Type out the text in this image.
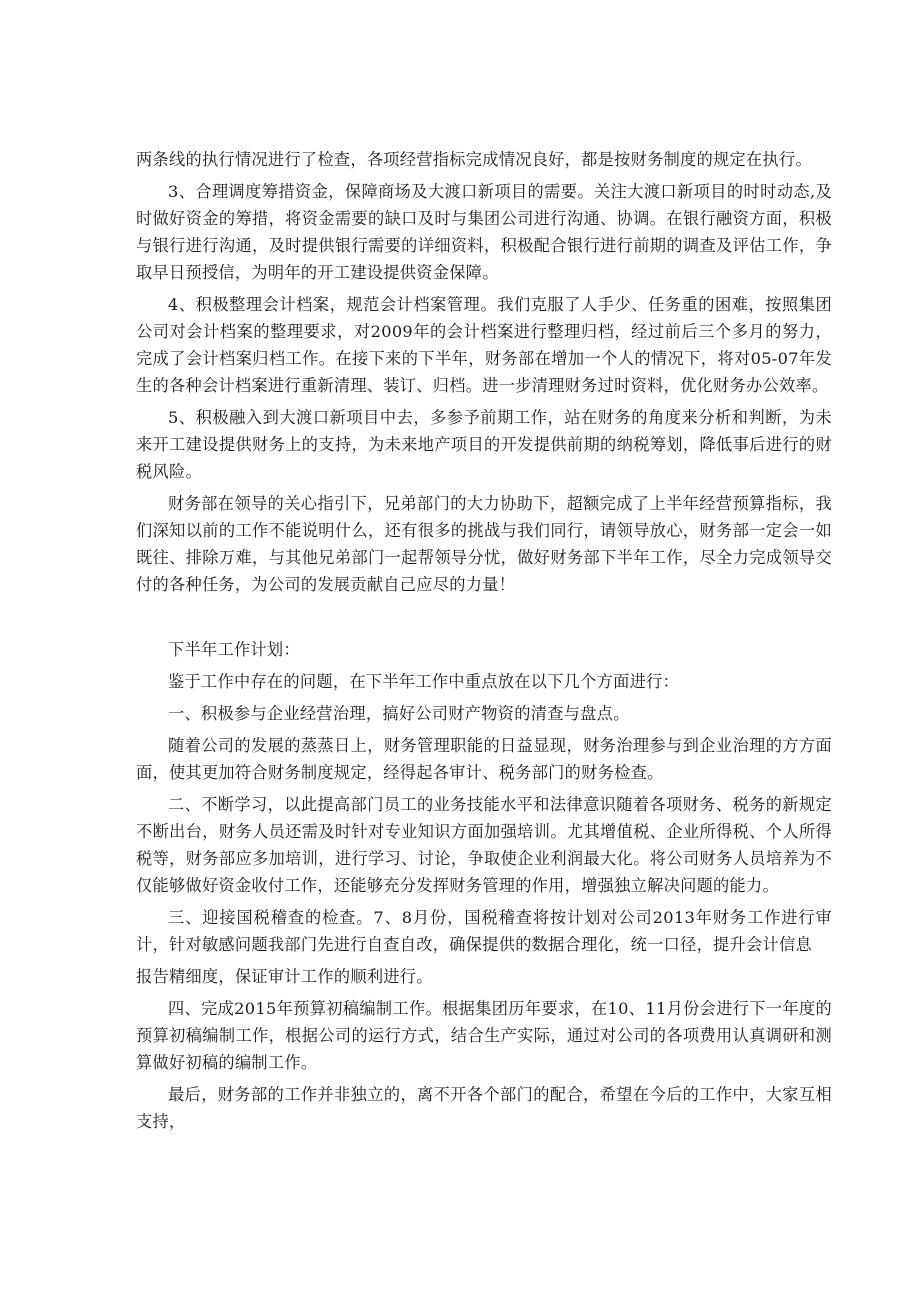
两条线的执行情况进行了检查，各项经营指标完成情况良好，都是按财务制度的规定在执行。

3、合理调度筹措资金，保障商场及大渡口新项目的需要。关注大渡口新项目的时时动态,及时做好资金的筹措，将资金需要的缺口及时与集团公司进行沟通、协调。在银行融资方面，积极与银行进行沟通，及时提供银行需要的详细资料，积极配合银行进行前期的调查及评估工作，争取早日预授信，为明年的开工建设提供资金保障。

4、积极整理会计档案，规范会计档案管理。我们克服了人手少、任务重的困难，按照集团公司对会计档案的整理要求，对2009年的会计档案进行整理归档，经过前后三个多月的努力，完成了会计档案归档工作。在接下来的下半年，财务部在增加一个人的情况下，将对05-07年发生的各种会计档案进行重新清理、装订、归档。进一步清理财务过时资料，优化财务办公效率。

5、积极融入到大渡口新项目中去，多参予前期工作，站在财务的角度来分析和判断，为未来开工建设提供财务上的支持，为未来地产项目的开发提供前期的纳税筹划，降低事后进行的财税风险。

财务部在领导的关心指引下，兄弟部门的大力协助下，超额完成了上半年经营预算指标，我们深知以前的工作不能说明什么，还有很多的挑战与我们同行，请领导放心，财务部一定会一如既往、排除万难，与其他兄弟部门一起帮领导分忧，做好财务部下半年工作，尽全力完成领导交付的各种任务，为公司的发展贡献自己应尽的力量！

下半年工作计划：

鉴于工作中存在的问题，在下半年工作中重点放在以下几个方面进行：

一、积极参与企业经营治理，搞好公司财产物资的清查与盘点。

随着公司的发展的蒸蒸日上，财务管理职能的日益显现，财务治理参与到企业治理的方方面面，使其更加符合财务制度规定，经得起各审计、税务部门的财务检查。

二、不断学习，以此提高部门员工的业务技能水平和法律意识随着各项财务、税务的新规定不断出台，财务人员还需及时针对专业知识方面加强培训。尤其增值税、企业所得税、个人所得税等，财务部应多加培训，进行学习、讨论，争取使企业利润最大化。将公司财务人员培养为不仅能够做好资金收付工作，还能够充分发挥财务管理的作用，增强独立解决问题的能力。

三、迎接国税稽查的检查。7、8月份，国税稽查将按计划对公司2013年财务工作进行审计，针对敏感问题我部门先进行自查自改，确保提供的数据合理化，统一口径，提升会计信息

报告精细度，保证审计工作的顺利进行。

四、完成2015年预算初稿编制工作。根据集团历年要求，在10、11月份会进行下一年度的预算初稿编制工作，根据公司的运行方式，结合生产实际，通过对公司的各项费用认真调研和测算做好初稿的编制工作。

最后，财务部的工作并非独立的，离不开各个部门的配合，希望在今后的工作中，大家互相支持，
